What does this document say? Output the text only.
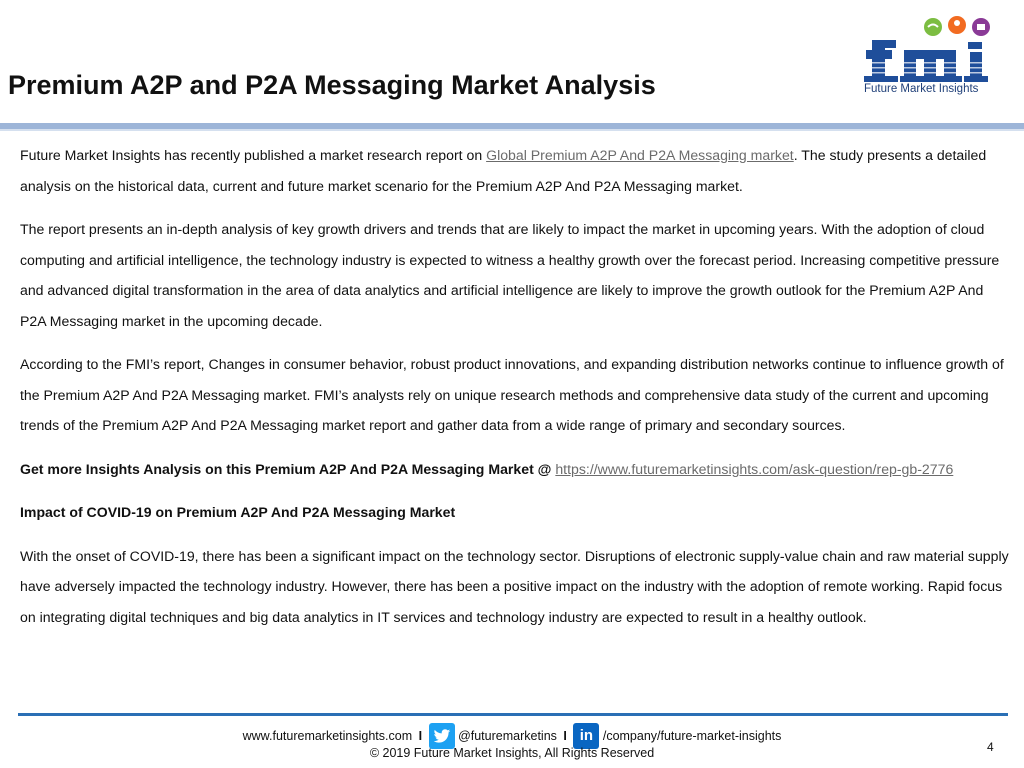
Premium A2P and P2A Messaging Market Analysis	Future Market Insights

Future Market Insights has recently published a market research report on Global Premium A2P And P2A Messaging market. The study presents a detailed analysis on the historical data, current and future market scenario for the Premium A2P And P2A Messaging market.

The report presents an in-depth analysis of key growth drivers and trends that are likely to impact the market in upcoming years. With the adoption of cloud computing and artificial intelligence, the technology industry is expected to witness a healthy growth over the forecast period. Increasing competitive pressure and advanced digital transformation in the area of data analytics and artificial intelligence are likely to improve the growth outlook for the Premium A2P And P2A Messaging market in the upcoming decade.

According to the FMI’s report, Changes in consumer behavior, robust product innovations, and expanding distribution networks continue to influence growth of the Premium A2P And P2A Messaging market. FMI’s analysts rely on unique research methods and comprehensive data study of the current and upcoming trends of the Premium A2P And P2A Messaging market report and gather data from a wide range of primary and secondary sources.

Get more Insights Analysis on this Premium A2P And P2A Messaging Market @ https://www.futuremarketinsights.com/ask-question/rep-gb-2776

Impact of COVID-19 on Premium A2P And P2A Messaging Market

With the onset of COVID-19, there has been a significant impact on the technology sector. Disruptions of electronic supply-value chain and raw material supply have adversely impacted the technology industry. However, there has been a positive impact on the industry with the adoption of remote working. Rapid focus on integrating digital techniques and big data analytics in IT services and technology industry are expected to result in a healthy outlook.

www.futuremarketinsights.com I	@futuremarketins I in /company/future-market-insights
© 2019 Future Market Insights, All Rights Reserved	4
